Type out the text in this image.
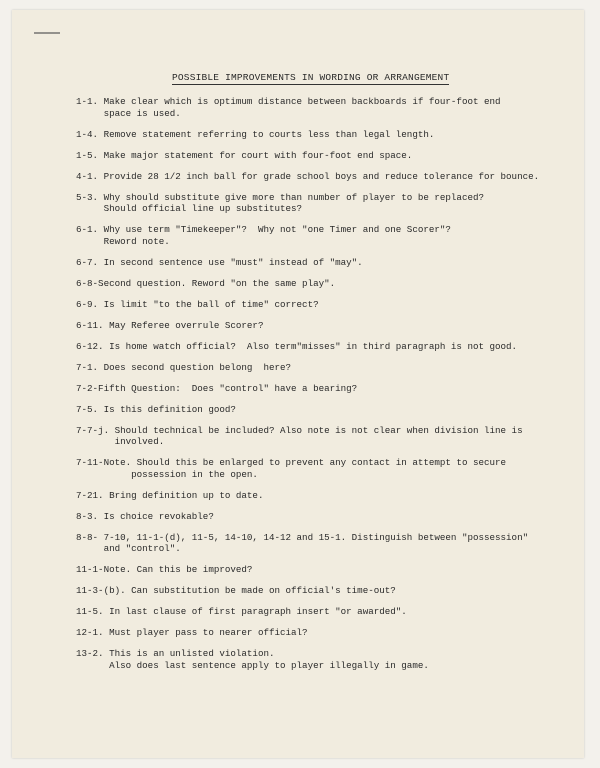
POSSIBLE IMPROVEMENTS IN WORDING OR ARRANGEMENT
1-1. Make clear which is optimum distance between backboards if four-foot end
space is used.
1-4. Remove statement referring to courts less than legal length.
1-5. Make major statement for court with four-foot end space.
4-1. Provide 28 1/2 inch ball for grade school boys and reduce tolerance for bounce.
5-3. Why should substitute give more than number of player to be replaced?
Should official line up substitutes?
6-1. Why use term "Timekeeper"?  Why not "one Timer and one Scorer"?
Reword note.
6-7. In second sentence use "must" instead of "may".
6-8-Second question. Reword "on the same play".
6-9. Is limit "to the ball of time" correct?
6-11. May Referee overrule Scorer?
6-12. Is home watch official?  Also term"misses" in third paragraph is not good.
7-1. Does second question belong  here?
7-2-Fifth Question:  Does "control" have a bearing?
7-5. Is this definition good?
7-7-j. Should technical be included? Also note is not clear when division line is
involved.
7-11-Note. Should this be enlarged to prevent any contact in attempt to secure
possession in the open.
7-21. Bring definition up to date.
8-3. Is choice revokable?
8-8- 7-10, 11-1-(d), 11-5, 14-10, 14-12 and 15-1. Distinguish between "possession"
and "control".
11-1-Note. Can this be improved?
11-3-(b). Can substitution be made on official's time-out?
11-5. In last clause of first paragraph insert "or awarded".
12-1. Must player pass to nearer official?
13-2. This is an unlisted violation.
Also does last sentence apply to player illegally in game.
